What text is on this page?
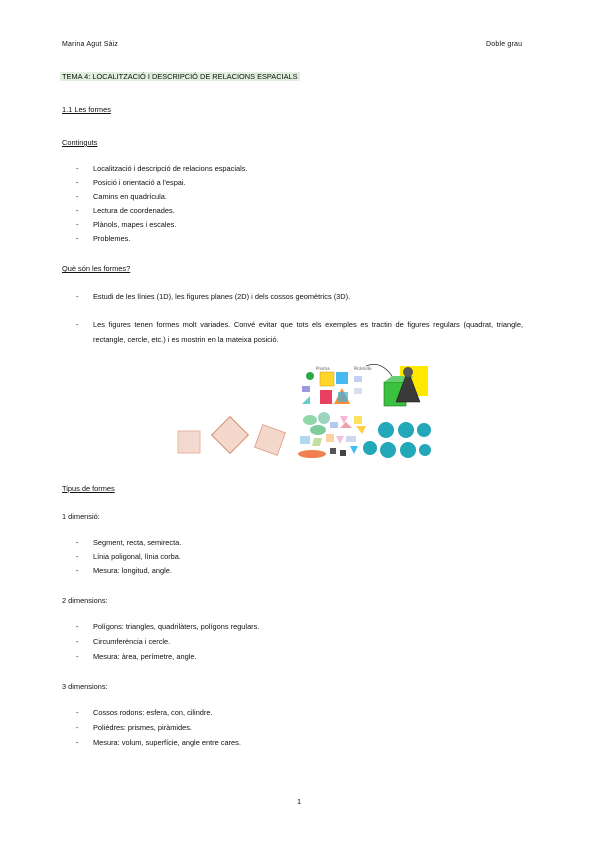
Marina Agut Sàiz	Doble grau
TEMA 4: LOCALITZACIÓ I DESCRIPCIÓ DE RELACIONS ESPACIALS
1.1 Les formes
Continguts
- Localització i descripció de relacions espacials.
- Posició i orientació a l'espai.
- Camins en quadrícula.
- Lectura de coordenades.
- Plànols, mapes i escales.
- Problemes.
Què són les formes?
- Estudi de les línies (1D), les figures planes (2D) i dels cossos geomètrics (3D).
- Les figures tenen formes molt variades. Convé evitar que tots els exemples es tractin de figures regulars (quadrat, triangle, rectangle, cercle, etc.) i es mostrin en la mateixa posició.
Prisma	Pirámide
Tipus de formes
1 dimensió:
- Segment, recta, semirecta.
- Línia poligonal, línia corba.
- Mesura: longitud, angle.
2 dimensions:
- Polígons: triangles, quadrilàters, polígons regulars.
- Circumferència i cercle.
- Mesura: àrea, perímetre, angle.
3 dimensions:
- Cossos rodons: esfera, con, cilindre.
- Polièdres: prismes, piràmides.
- Mesura: volum, superfície, angle entre cares.
1
